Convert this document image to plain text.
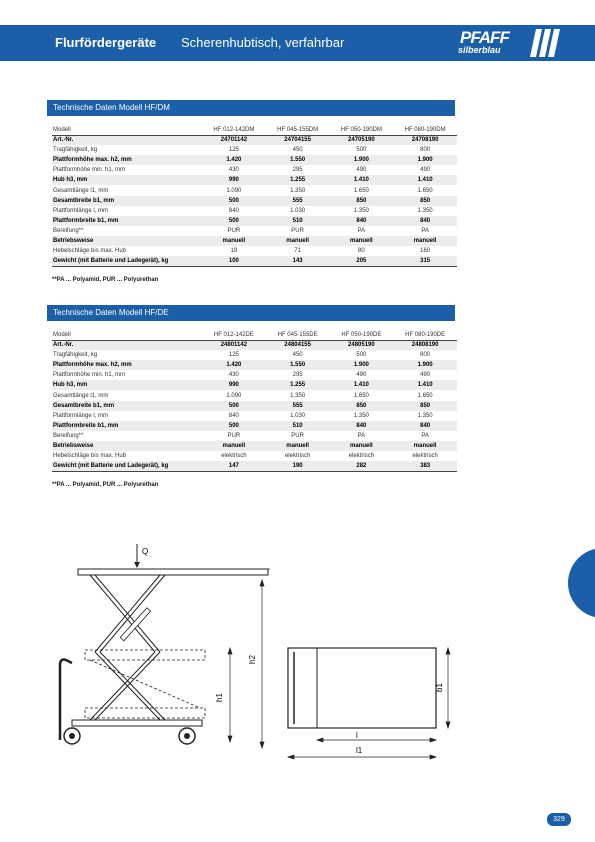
Flurfördergeräte Scherenhubtisch, verfahrbar	PFAFF
silberblau
Technische Daten Modell HF/DM
Modell	HF 012-142DM	HF 045-155DM	HF 050-190DM	HF 080-190DM
Art.-Nr.	24701142	24704155	24705190	24708190
Tragfähigkeit, kg	125	450	500	800
Plattformhöhe max. h2, mm	1.420	1.550	1.900	1.900
Plattformhöhe min. h1, mm	430	295	490	490
Hub h3, mm	990	1.255	1.410	1.410
Gesamtlänge l1, mm	1.090	1.350	1.650	1.650
Gesamtbreite b1, mm	500	555	850	850
Plattformlänge l, mm	840	1.030	1.350	1.350
Plattformbreite b1, mm	500	510	840	840
Bereifung**	PUR	PUR	PA	PA
Betriebsweise	manuell	manuell	manuell	manuell
Hebelschläge bis max. Hub	19	71	80	160
Gewicht (mit Batterie und Ladegerät), kg	100	143	205	315
**PA ... Polyamid, PUR ... Polyurethan
Technische Daten Modell HF/DE
Modell	HF 012-142DE	HF 045-155DE	HF 050-190DE	HF 080-190DE
Art.-Nr.	24801142	24804155	24805190	24808190
Tragfähigkeit, kg	125	450	500	800
Plattformhöhe max. h2, mm	1.420	1.550	1.900	1.900
Plattformhöhe min. h1, mm	430	295	490	490
Hub h3, mm	990	1.255	1.410	1.410
Gesamtlänge l1, mm	1.090	1.350	1.650	1.650
Gesamtbreite b1, mm	500	555	850	850
Plattformlänge l, mm	840	1.030	1.350	1.350
Plattformbreite b1, mm	500	510	840	840
Bereifung**	PUR	PUR	PA	PA
Betriebsweise	manuell	manuell	manuell	manuell
Hebelschläge bis max. Hub	elektrisch	elektrisch	elektrisch	elektrisch
Gewicht (mit Batterie und Ladegerät), kg	147	190	282	383
**PA ... Polyamid, PUR ... Polyurethan
Q
h2
h1
b1
l
l1
329
